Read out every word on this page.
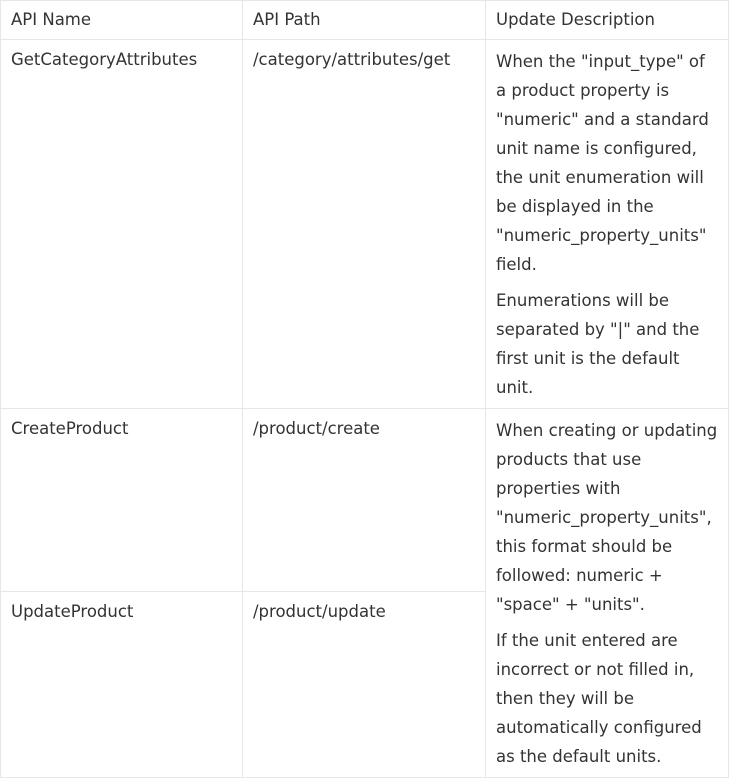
API Name	API Path	Update Description
GetCategoryAttributes	/category/attributes/get	When the "input_type" of a product property is "numeric" and a standard unit name is configured, the unit enumeration will be displayed in the "numeric_property_units" field.

Enumerations will be separated by "|" and the first unit is the default unit.

CreateProduct	/product/create	When creating or updating products that use properties with "numeric_property_units", this format should be followed: numeric + "space" + "units".

If the unit entered are incorrect or not filled in, then they will be automatically configured as the default units.

UpdateProduct	/product/update	
